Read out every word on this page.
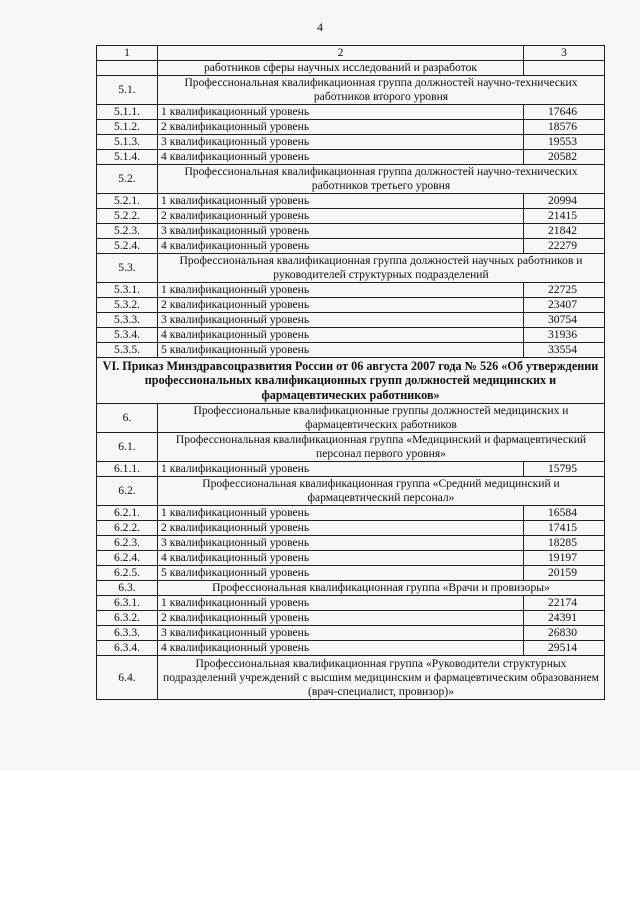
4
1	2	3
	работников сферы научных исследований и разработок	
5.1.	Профессиональная квалификационная группа должностей научно-технических работников второго уровня	
5.1.1.	1 квалификационный уровень	17646
5.1.2.	2 квалификационный уровень	18576
5.1.3.	3 квалификационный уровень	19553
5.1.4.	4 квалификационный уровень	20582
5.2.	Профессиональная квалификационная группа должностей научно-технических работников третьего уровня	
5.2.1.	1 квалификационный уровень	20994
5.2.2.	2 квалификационный уровень	21415
5.2.3.	3 квалификационный уровень	21842
5.2.4.	4 квалификационный уровень	22279
5.3.	Профессиональная квалификационная группа должностей научных работников и руководителей структурных подразделений	
5.3.1.	1 квалификационный уровень	22725
5.3.2.	2 квалификационный уровень	23407
5.3.3.	3 квалификационный уровень	30754
5.3.4.	4 квалификационный уровень	31936
5.3.5.	5 квалификационный уровень	33554
VI. Приказ Минздравсоцразвития России от 06 августа 2007 года № 526 «Об утверждении профессиональных квалификационных групп должностей медицинских и фармацевтических работников»		
6.	Профессиональные квалификационные группы должностей медицинских и фармацевтических работников	
6.1.	Профессиональная квалификационная группа «Медицинский и фармацевтический персонал первого уровня»	
6.1.1.	1 квалификационный уровень	15795
6.2.	Профессиональная квалификационная группа «Средний медицинский и фармацевтический персонал»	
6.2.1.	1 квалификационный уровень	16584
6.2.2.	2 квалификационный уровень	17415
6.2.3.	3 квалификационный уровень	18285
6.2.4.	4 квалификационный уровень	19197
6.2.5.	5 квалификационный уровень	20159
6.3.	Профессиональная квалификационная группа «Врачи и провизоры»	
6.3.1.	1 квалификационный уровень	22174
6.3.2.	2 квалификационный уровень	24391
6.3.3.	3 квалификационный уровень	26830
6.3.4.	4 квалификационный уровень	29514
6.4.	Профессиональная квалификационная группа «Руководители структурных подразделений учреждений с высшим медицинским и фармацевтическим образованием (врач-специалист, провизор)»	
